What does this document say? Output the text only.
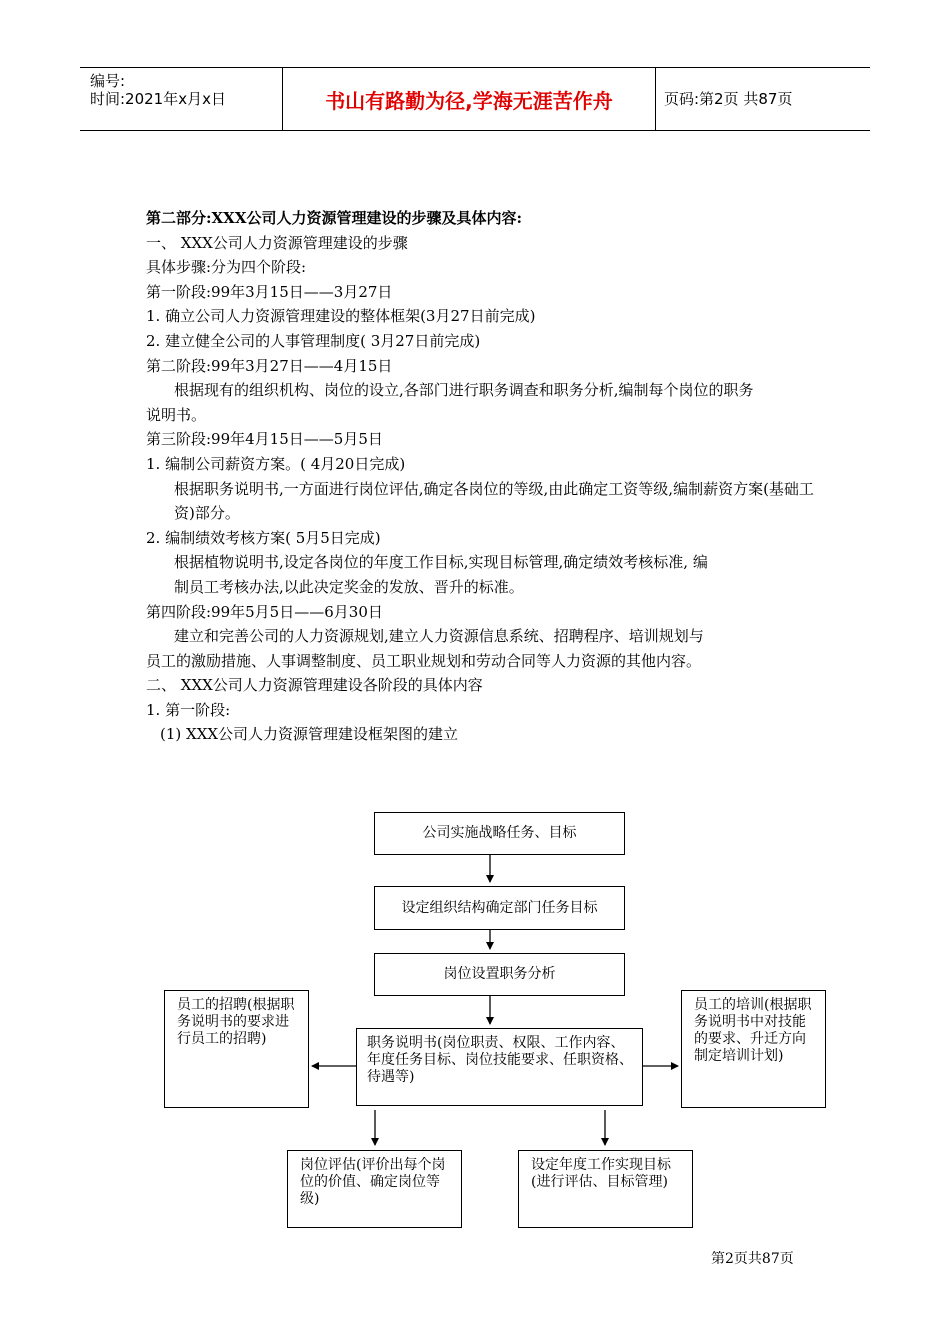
编号:
时间:2021年x月x日	书山有路勤为径,学海无涯苦作舟	页码:第2页 共87页

第二部分:XXX公司人力资源管理建设的步骤及具体内容:

一、 XXX公司人力资源管理建设的步骤

具体步骤:分为四个阶段:

第一阶段:99年3月15日——3月27日

1. 确立公司人力资源管理建设的整体框架(3月27日前完成)

2. 建立健全公司的人事管理制度( 3月27日前完成)

第二阶段:99年3月27日——4月15日

根据现有的组织机构、岗位的设立,各部门进行职务调查和职务分析,编制每个岗位的职务

说明书。

第三阶段:99年4月15日——5月5日

1. 编制公司薪资方案。( 4月20日完成)

根据职务说明书,一方面进行岗位评估,确定各岗位的等级,由此确定工资等级,编制薪资方案(基础工资)部分。

2. 编制绩效考核方案( 5月5日完成)

根据植物说明书,设定各岗位的年度工作目标,实现目标管理,确定绩效考核标准, 编

制员工考核办法,以此决定奖金的发放、晋升的标准。

第四阶段:99年5月5日——6月30日

建立和完善公司的人力资源规划,建立人力资源信息系统、招聘程序、培训规划与

员工的激励措施、人事调整制度、员工职业规划和劳动合同等人力资源的其他内容。

二、 XXX公司人力资源管理建设各阶段的具体内容

1. 第一阶段:

(1) XXX公司人力资源管理建设框架图的建立

公司实施战略任务、目标
设定组织结构确定部门任务目标
岗位设置职务分析
员工的招聘(根据职务说明书的要求进行员工的招聘)	职务说明书(岗位职责、权限、工作内容、年度任务目标、岗位技能要求、任职资格、待遇等)
员工的培训(根据职务说明书中对技能的要求、升迁方向制定培训计划)
岗位评估(评价出每个岗位的价值、确定岗位等级)
设定年度工作实现目标(进行评估、目标管理)
第2页共87页
